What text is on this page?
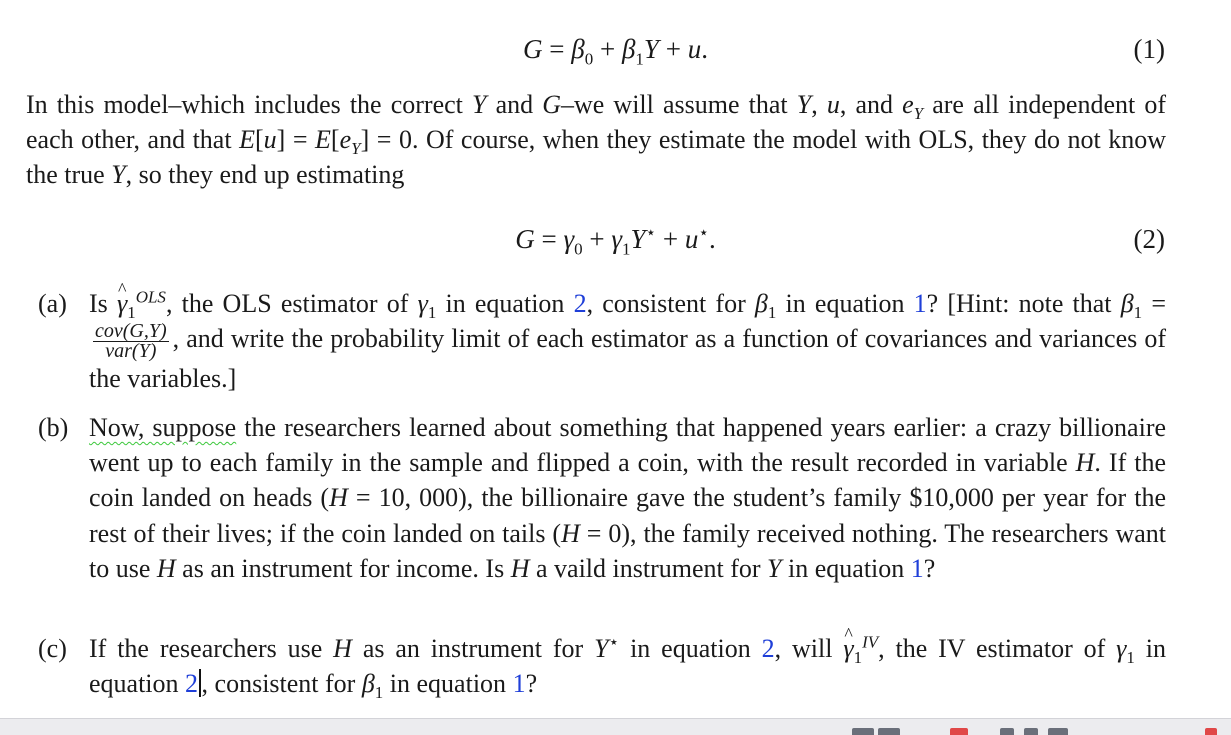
$G = \beta_0 + \beta_1Y + u$.	(1)
In this model–which includes the correct Y and G–we will assume that Y, u, and $e_Y$ are all independent of each other, and that $E[u] = E[e_Y] = 0$. Of course, when they estimate the model with OLS, they do not know the true Y, so they end up estimating
$G = \gamma_0 + \gamma_1Y^⋆ + u^⋆$.	(2)
(a) Is ^ $\gamma_1^{OLS}$, the OLS estimator of $\gamma_1$ in equation 2, consistent for $\beta_1$ in equation 1? [Hint: note that $\beta_1$ =
$\frac{\text{cov(G,Y)}}{\text{var(Y)}}$ , and write the probability limit of each estimator as a function of covariances and variances of the variables.]
(b) Now, suppose the researchers learned about something that happened years earlier: a crazy billionaire went up to each family in the sample and flipped a coin, with the result recorded in variable H. If the coin landed on heads (H = 10, 000), the billionaire gave the student’s family $10,000 per year for the rest of their lives; if the coin landed on tails (H = 0), the family received nothing. The researchers want to use H as an instrument for income. Is H a vaild instrument for Y in equation 1?
(c) If the researchers use H as an instrument for Y⋆ in equation 2, will ^ $\gamma_1^{IV}$, the IV estimator of $\gamma_1$ in equation 2 , consistent for $\beta_1$ in equation 1?
